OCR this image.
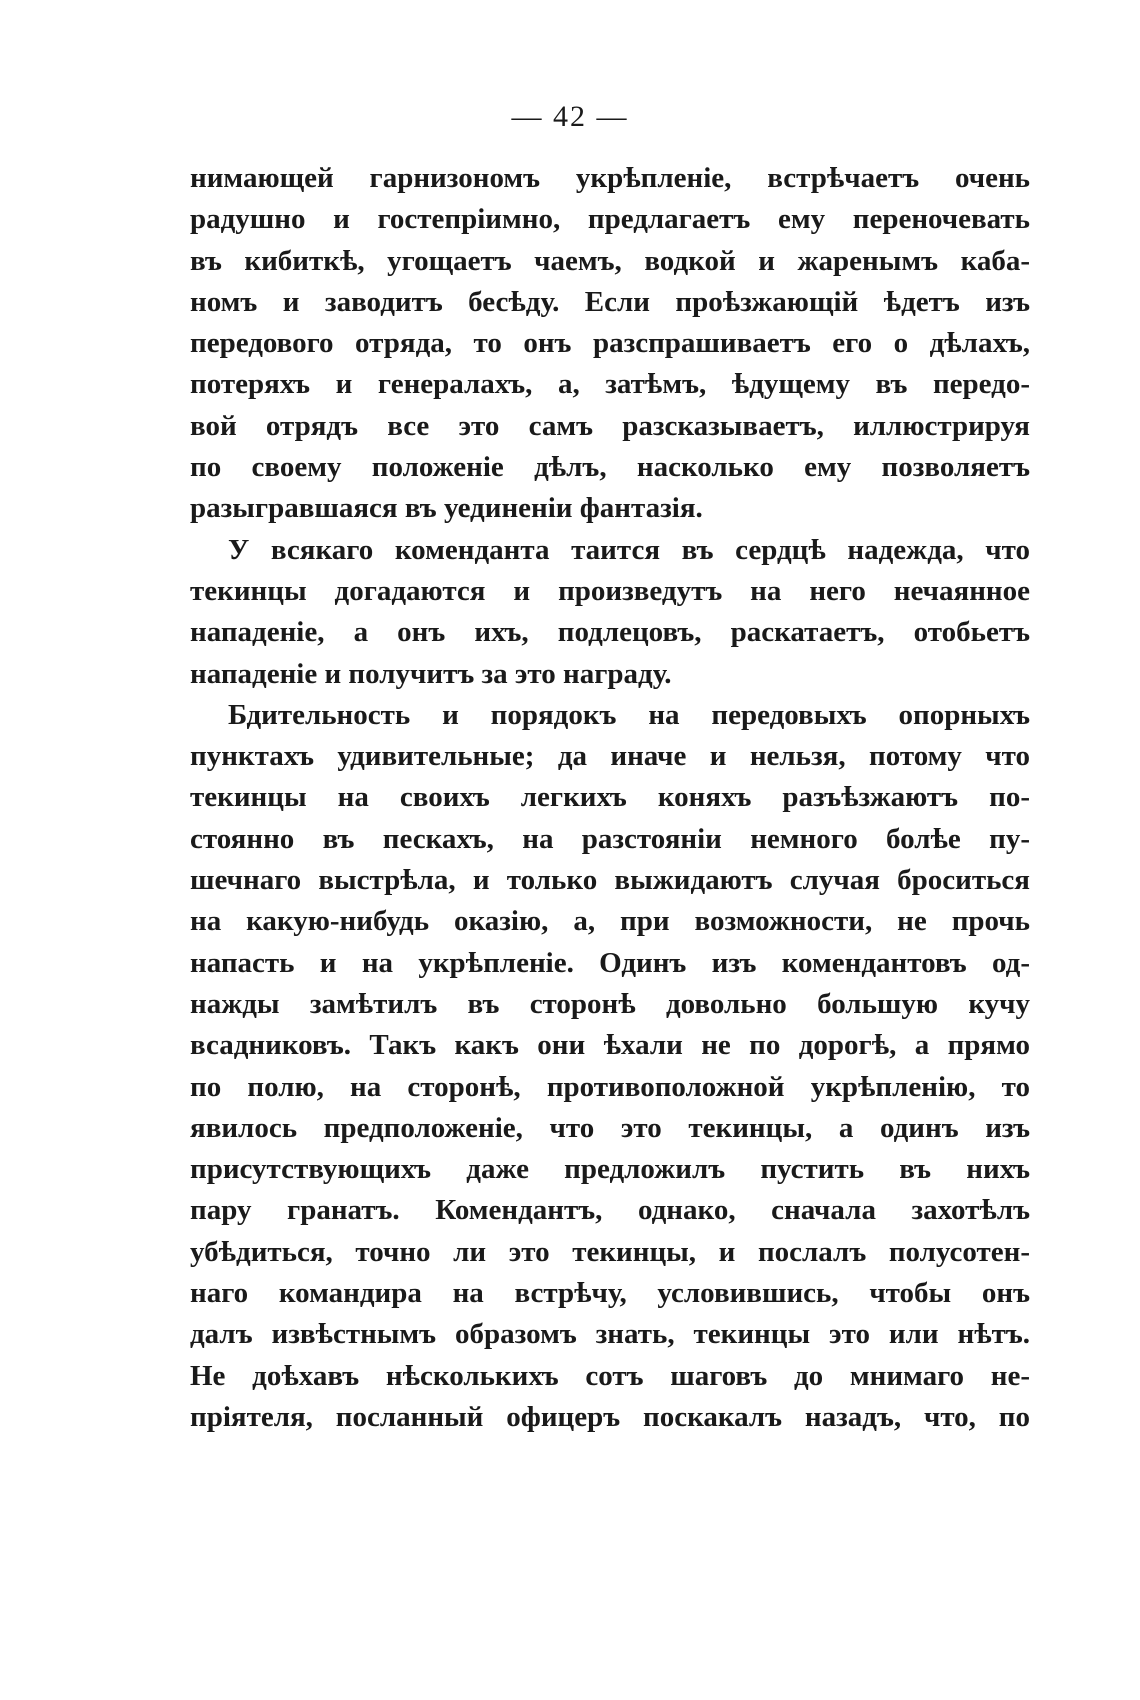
— 42 —
нимающей гарнизономъ укрѣпленіе, встрѣчаетъ очень
радушно и гостепріимно, предлагаетъ ему переночевать
въ кибиткѣ, угощаетъ чаемъ, водкой и жаренымъ каба-
номъ и заводитъ бесѣду. Если проѣзжающій ѣдетъ изъ
передового отряда, то онъ разспрашиваетъ его о дѣлахъ,
потеряхъ и генералахъ, а, затѣмъ, ѣдущему въ передо-
вой отрядъ все это самъ разсказываетъ, иллюстрируя
по своему положеніе дѣлъ, насколько ему позволяетъ
разыгравшаяся въ уединеніи фантазія.
У всякаго коменданта таится въ сердцѣ надежда, что
текинцы догадаются и произведутъ на него нечаянное
нападеніе, а онъ ихъ, подлецовъ, раскатаетъ, отобьетъ
нападеніе и получитъ за это награду.
Бдительность и порядокъ на передовыхъ опорныхъ
пунктахъ удивительные; да иначе и нельзя, потому что
текинцы на своихъ легкихъ коняхъ разъѣзжаютъ по-
стоянно въ пескахъ, на разстояніи немного болѣе пу-
шечнаго выстрѣла, и только выжидаютъ случая броситься
на какую-нибудь оказію, а, при возможности, не прочь
напасть и на укрѣпленіе. Одинъ изъ комендантовъ од-
нажды замѣтилъ въ сторонѣ довольно большую кучу
всадниковъ. Такъ какъ они ѣхали не по дорогѣ, а прямо
по полю, на сторонѣ, противоположной укрѣпленію, то
явилось предположеніе, что это текинцы, а одинъ изъ
присутствующихъ даже предложилъ пустить въ нихъ
пару гранатъ. Комендантъ, однако, сначала захотѣлъ
убѣдиться, точно ли это текинцы, и послалъ полусотен-
наго командира на встрѣчу, условившись, чтобы онъ
далъ извѣстнымъ образомъ знать, текинцы это или нѣтъ.
Не доѣхавъ нѣсколькихъ сотъ шаговъ до мнимаго не-
пріятеля, посланный офицеръ поскакалъ назадъ, что, по
